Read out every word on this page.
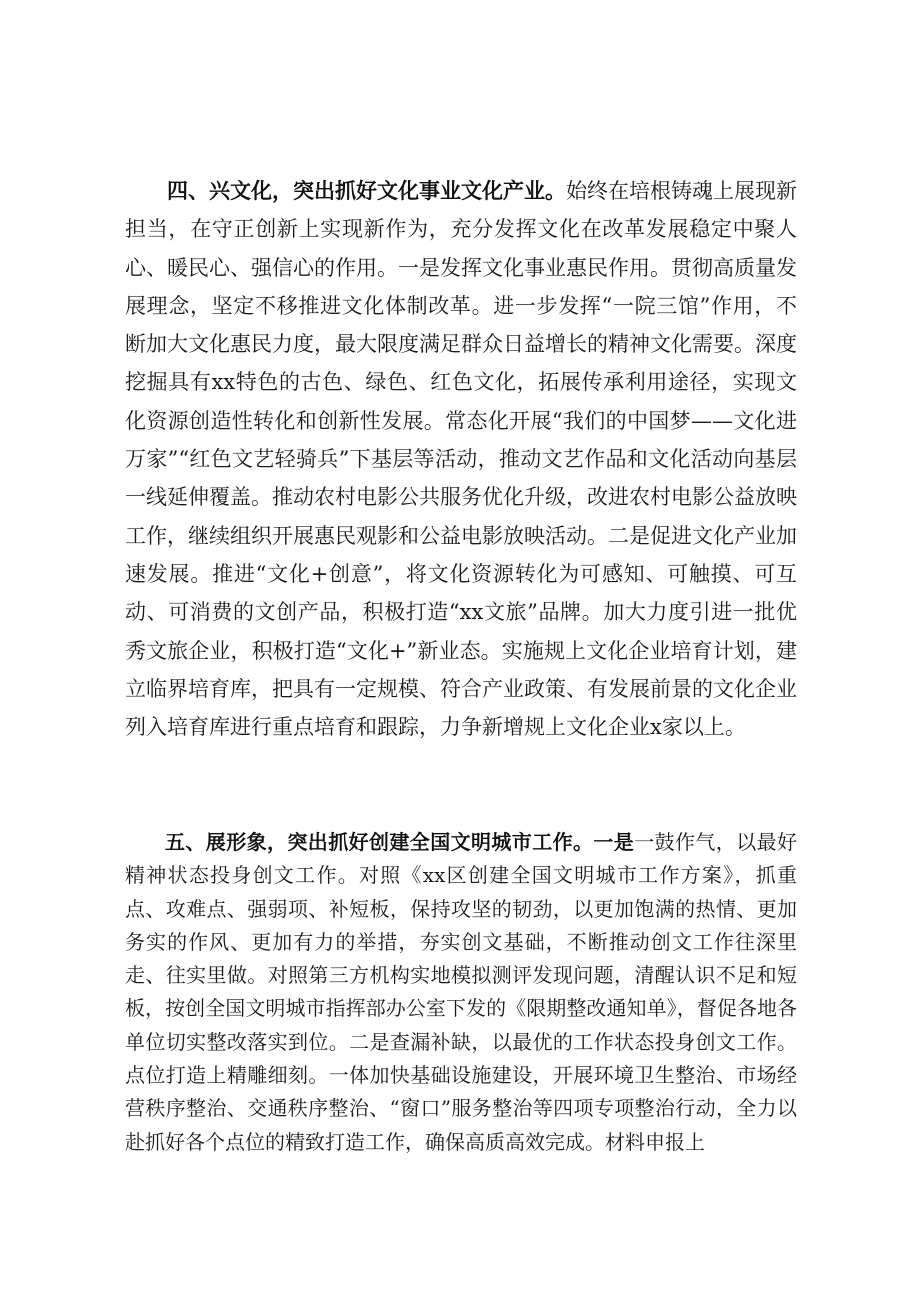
四、兴文化，突出抓好文化事业文化产业。始终在培根铸魂上展现新担当，在守正创新上实现新作为，充分发挥文化在改革发展稳定中聚人心、暖民心、强信心的作用。一是发挥文化事业惠民作用。贯彻高质量发展理念，坚定不移推进文化体制改革。进一步发挥“一院三馆”作用，不断加大文化惠民力度，最大限度满足群众日益增长的精神文化需要。深度挖掘具有xx特色的古色、绿色、红色文化，拓展传承利用途径，实现文化资源创造性转化和创新性发展。常态化开展“我们的中国梦——文化进万家”“红色文艺轻骑兵”下基层等活动，推动文艺作品和文化活动向基层一线延伸覆盖。推动农村电影公共服务优化升级，改进农村电影公益放映工作，继续组织开展惠民观影和公益电影放映活动。二是促进文化产业加速发展。推进“文化+创意”，将文化资源转化为可感知、可触摸、可互动、可消费的文创产品，积极打造“xx文旅”品牌。加大力度引进一批优秀文旅企业，积极打造“文化+”新业态。实施规上文化企业培育计划，建立临界培育库，把具有一定规模、符合产业政策、有发展前景的文化企业列入培育库进行重点培育和跟踪，力争新增规上文化企业x家以上。

五、展形象，突出抓好创建全国文明城市工作。一是一鼓作气，以最好精神状态投身创文工作。对照《xx区创建全国文明城市工作方案》，抓重点、攻难点、强弱项、补短板，保持攻坚的韧劲，以更加饱满的热情、更加务实的作风、更加有力的举措，夯实创文基础，不断推动创文工作往深里走、往实里做。对照第三方机构实地模拟测评发现问题，清醒认识不足和短板，按创全国文明城市指挥部办公室下发的《限期整改通知单》，督促各地各单位切实整改落实到位。二是查漏补缺，以最优的工作状态投身创文工作。点位打造上精雕细刻。一体加快基础设施建设，开展环境卫生整治、市场经营秩序整治、交通秩序整治、“窗口”服务整治等四项专项整治行动，全力以赴抓好各个点位的精致打造工作，确保高质高效完成。材料申报上
